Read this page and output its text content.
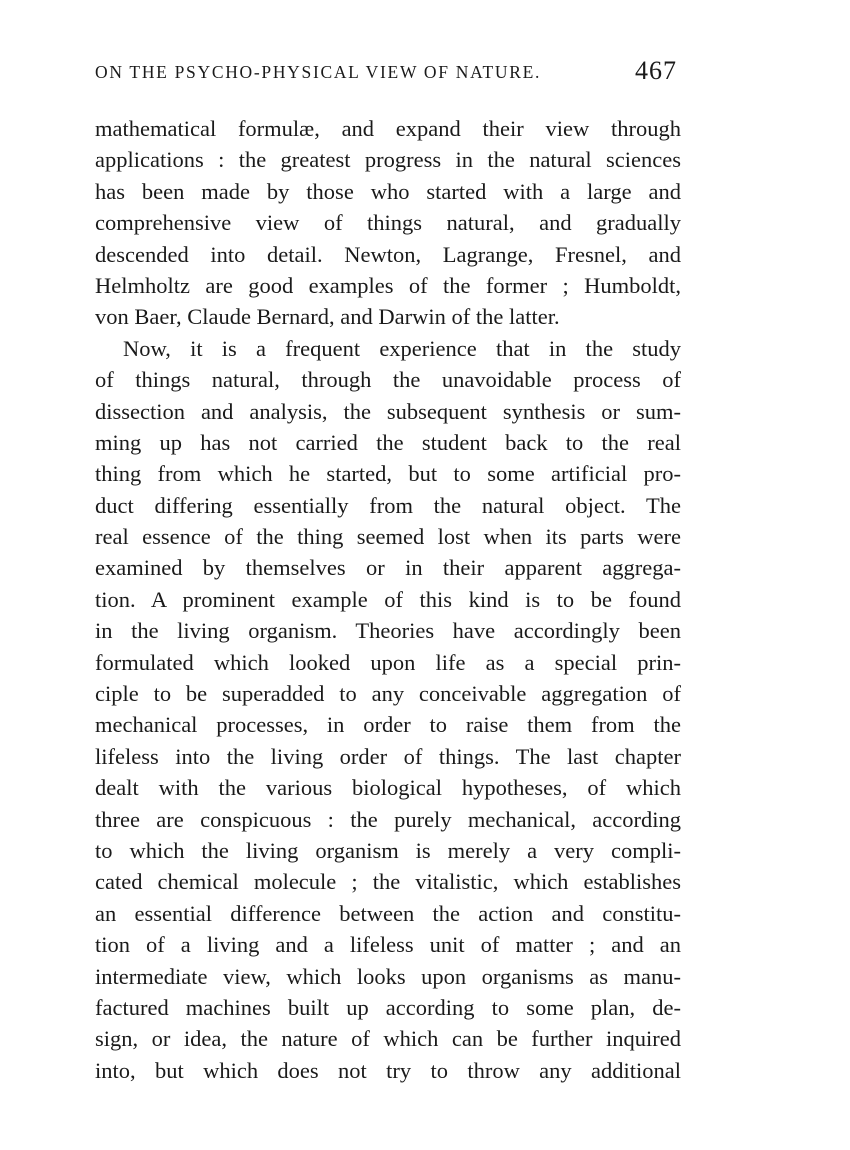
ON THE PSYCHO-PHYSICAL VIEW OF NATURE.	467
mathematical formulæ, and expand their view through
applications : the greatest progress in the natural sciences
has been made by those who started with a large and
comprehensive view of things natural, and gradually
descended into detail. Newton, Lagrange, Fresnel, and
Helmholtz are good examples of the former ; Humboldt,
von Baer, Claude Bernard, and Darwin of the latter.
Now, it is a frequent experience that in the study
of things natural, through the unavoidable process of
dissection and analysis, the subsequent synthesis or sum-
ming up has not carried the student back to the real
thing from which he started, but to some artificial pro-
duct differing essentially from the natural object. The
real essence of the thing seemed lost when its parts were
examined by themselves or in their apparent aggrega-
tion. A prominent example of this kind is to be found
in the living organism. Theories have accordingly been
formulated which looked upon life as a special prin-
ciple to be superadded to any conceivable aggregation of
mechanical processes, in order to raise them from the
lifeless into the living order of things. The last chapter
dealt with the various biological hypotheses, of which
three are conspicuous : the purely mechanical, according
to which the living organism is merely a very compli-
cated chemical molecule ; the vitalistic, which establishes
an essential difference between the action and constitu-
tion of a living and a lifeless unit of matter ; and an
intermediate view, which looks upon organisms as manu-
factured machines built up according to some plan, de-
sign, or idea, the nature of which can be further inquired
into, but which does not try to throw any additional
